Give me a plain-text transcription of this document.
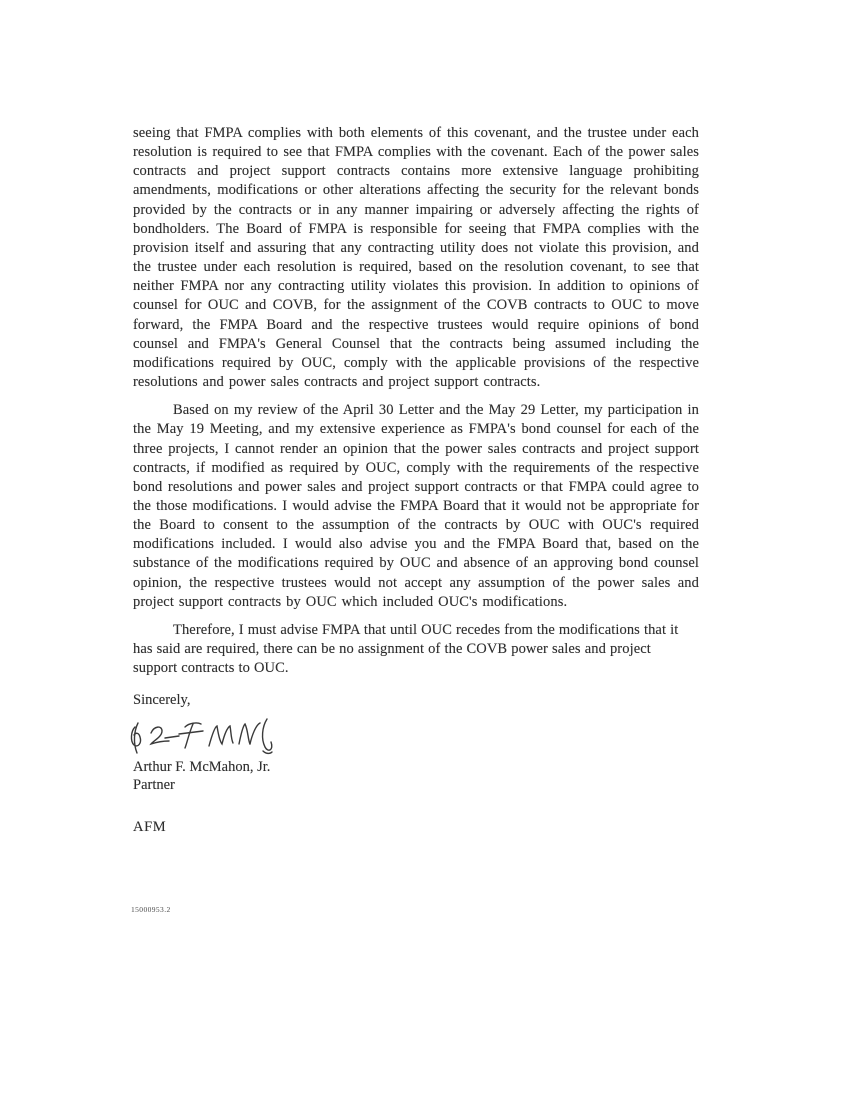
seeing that FMPA complies with both elements of this covenant, and the trustee under each resolution is required to see that FMPA complies with the covenant. Each of the power sales contracts and project support contracts contains more extensive language prohibiting amendments, modifications or other alterations affecting the security for the relevant bonds provided by the contracts or in any manner impairing or adversely affecting the rights of bondholders. The Board of FMPA is responsible for seeing that FMPA complies with the provision itself and assuring that any contracting utility does not violate this provision, and the trustee under each resolution is required, based on the resolution covenant, to see that neither FMPA nor any contracting utility violates this provision. In addition to opinions of counsel for OUC and COVB, for the assignment of the COVB contracts to OUC to move forward, the FMPA Board and the respective trustees would require opinions of bond counsel and FMPA's General Counsel that the contracts being assumed including the modifications required by OUC, comply with the applicable provisions of the respective resolutions and power sales contracts and project support contracts.

Based on my review of the April 30 Letter and the May 29 Letter, my participation in the May 19 Meeting, and my extensive experience as FMPA's bond counsel for each of the three projects, I cannot render an opinion that the power sales contracts and project support contracts, if modified as required by OUC, comply with the requirements of the respective bond resolutions and power sales and project support contracts or that FMPA could agree to the those modifications. I would advise the FMPA Board that it would not be appropriate for the Board to consent to the assumption of the contracts by OUC with OUC's required modifications included. I would also advise you and the FMPA Board that, based on the substance of the modifications required by OUC and absence of an approving bond counsel opinion, the respective trustees would not accept any assumption of the power sales and project support contracts by OUC which included OUC's modifications.

Therefore, I must advise FMPA that until OUC recedes from the modifications that it has said are required, there can be no assignment of the COVB power sales and project support contracts to OUC.

Sincerely,

Arthur F. McMahon, Jr.

Partner

AFM

15000953.2
